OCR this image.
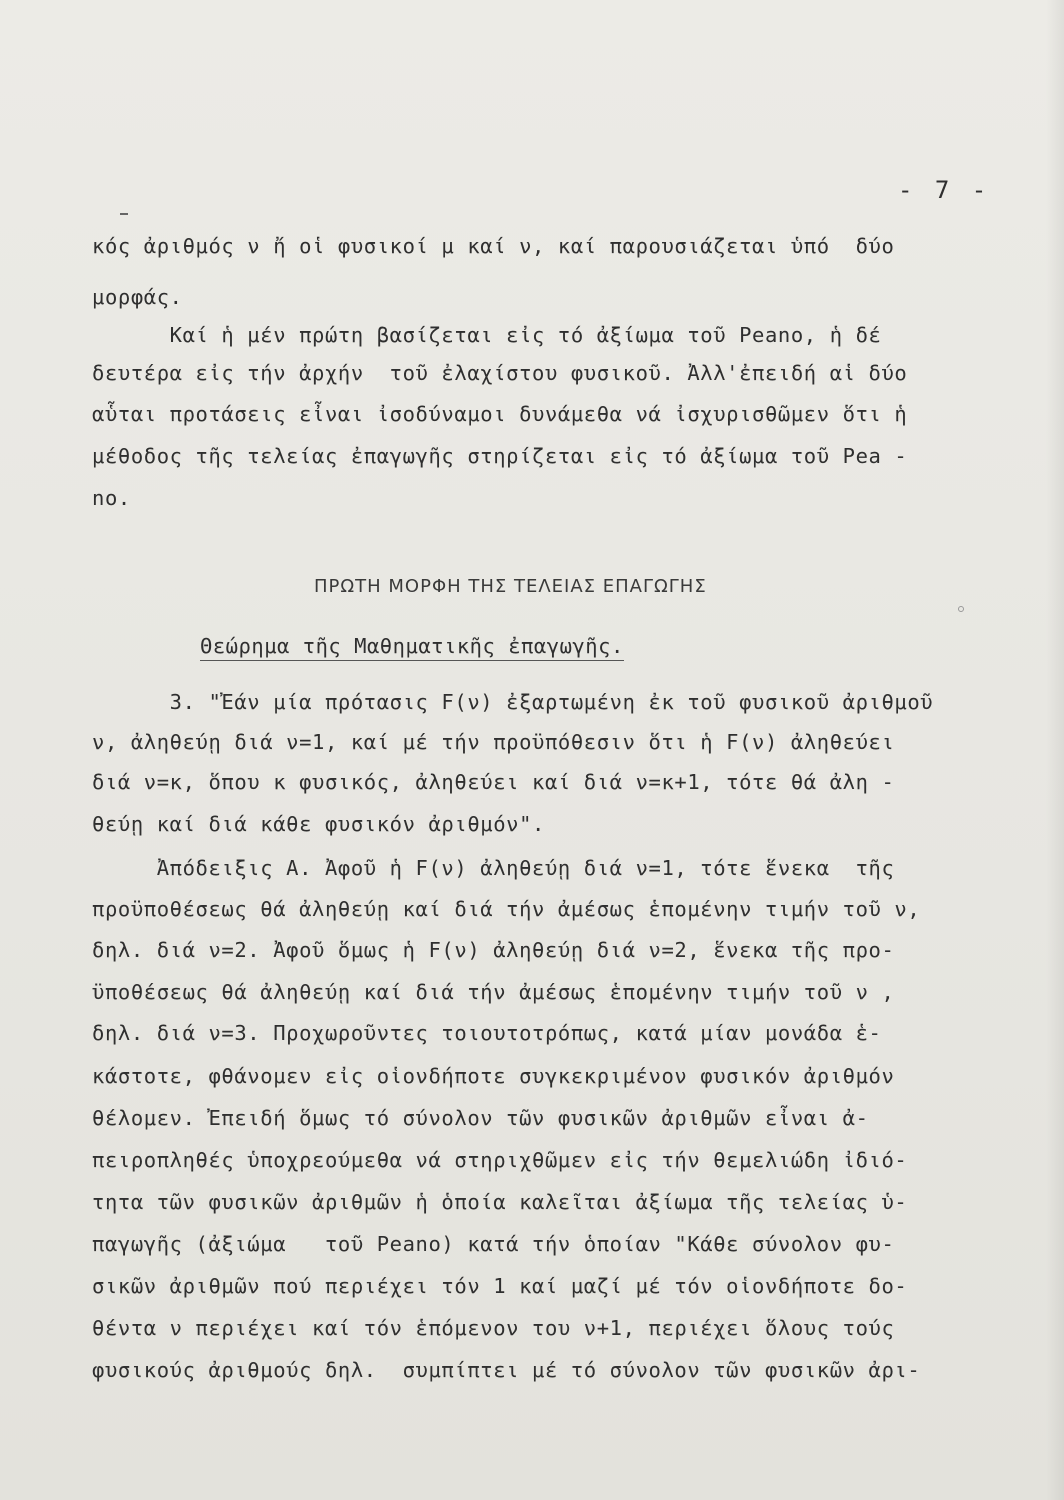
- 7 -
κός ἀριθμός ν ἤ οἱ φυσικοί μ καί ν, καί παρουσιάζεται ὑπό  δύο
μορφάς.
Καί ἡ μέν πρώτη βασίζεται εἰς τό ἀξίωμα τοῦ Peano, ἡ δέ
δευτέρα εἰς τήν ἀρχήν  τοῦ ἐλαχίστου φυσικοῦ. Ἀλλ'ἐπειδή αἱ δύο
αὗται προτάσεις εἶναι ἰσοδύναμοι δυνάμεθα νά ἰσχυρισθῶμεν ὅτι ἡ
μέθοδος τῆς τελείας ἐπαγωγῆς στηρίζεται εἰς τό ἀξίωμα τοῦ Pea -
no.
ΠΡΩΤΗ ΜΟΡΦΗ ΤΗΣ ΤΕΛΕΙΑΣ ΕΠΑΓΩΓΗΣ
Θεώρημα τῆς Μαθηματικῆς ἐπαγωγῆς.
3. "Ἐάν μία πρότασις F(ν) ἐξαρτωμένη ἐκ τοῦ φυσικοῦ ἀριθμοῦ
ν, ἀληθεύῃ διά ν=1, καί μέ τήν προϋπόθεσιν ὅτι ἡ F(ν) ἀληθεύει
διά ν=κ, ὅπου κ φυσικός, ἀληθεύει καί διά ν=κ+1, τότε θά ἀλη -
θεύῃ καί διά κάθε φυσικόν ἀριθμόν".
Ἀπόδειξις Α. Ἀφοῦ ἡ F(ν) ἀληθεύῃ διά ν=1, τότε ἕνεκα  τῆς
προϋποθέσεως θά ἀληθεύῃ καί διά τήν ἀμέσως ἑπομένην τιμήν τοῦ ν,
δηλ. διά ν=2. Ἀφοῦ ὅμως ἡ F(ν) ἀληθεύῃ διά ν=2, ἕνεκα τῆς προ-
ϋποθέσεως θά ἀληθεύῃ καί διά τήν ἀμέσως ἑπομένην τιμήν τοῦ ν ,
δηλ. διά ν=3. Προχωροῦντες τοιουτοτρόπως, κατά μίαν μονάδα ἑ-
κάστοτε, φθάνομεν εἰς οἱονδήποτε συγκεκριμένον φυσικόν ἀριθμόν
θέλομεν. Ἐπειδή ὅμως τό σύνολον τῶν φυσικῶν ἀριθμῶν εἶναι ἀ-
πειροπληθές ὑποχρεούμεθα νά στηριχθῶμεν εἰς τήν θεμελιώδη ἰδιό-
τητα τῶν φυσικῶν ἀριθμῶν ἡ ὁποία καλεῖται ἀξίωμα τῆς τελείας ὑ-
παγωγῆς (ἀξιώμα   τοῦ Peano) κατά τήν ὁποίαν "Κάθε σύνολον φυ-
σικῶν ἀριθμῶν πού περιέχει τόν 1 καί μαζί μέ τόν οἱονδήποτε δο-
θέντα ν περιέχει καί τόν ἑπόμενον του ν+1, περιέχει ὅλους τούς
φυσικούς ἀριθμούς δηλ.  συμπίπτει μέ τό σύνολον τῶν φυσικῶν ἀρι-
